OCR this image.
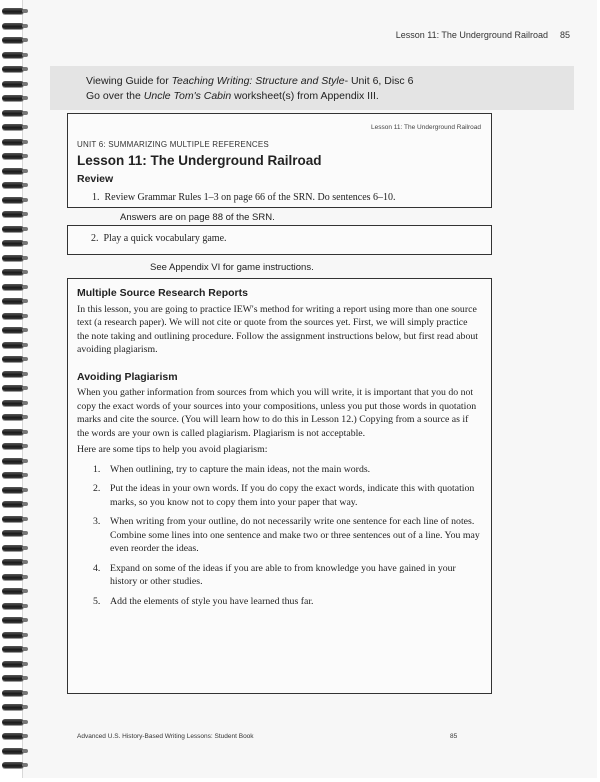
Lesson 11: The Underground Railroad 85
Viewing Guide for Teaching Writing: Structure and Style- Unit 6, Disc 6
Go over the Uncle Tom's Cabin worksheet(s) from Appendix III.
Lesson 11: The Underground Railroad
UNIT 6: SUMMARIZING MULTIPLE REFERENCES
Lesson 11: The Underground Railroad
Review
1. Review Grammar Rules 1–3 on page 66 of the SRN. Do sentences 6–10.
Answers are on page 88 of the SRN.
2. Play a quick vocabulary game.
See Appendix VI for game instructions.
Multiple Source Research Reports

In this lesson, you are going to practice IEW's method for writing a report using more than one source text (a research paper). We will not cite or quote from the sources yet. First, we will simply practice the note taking and outlining procedure. Follow the assignment instructions below, but first read about avoiding plagiarism.

Avoiding Plagiarism

When you gather information from sources from which you will write, it is important that you do not copy the exact words of your sources into your compositions, unless you put those words in quotation marks and cite the source. (You will learn how to do this in Lesson 12.) Copying from a source as if the words are your own is called plagiarism. Plagiarism is not acceptable.

Here are some tips to help you avoid plagiarism:

1. When outlining, try to capture the main ideas, not the main words.
2. Put the ideas in your own words. If you do copy the exact words, indicate this with quotation marks, so you know not to copy them into your paper that way.
3. When writing from your outline, do not necessarily write one sentence for each line of notes. Combine some lines into one sentence and make two or three sentences out of a line. You may even reorder the ideas.
4. Expand on some of the ideas if you are able to from knowledge you have gained in your history or other studies.
5. Add the elements of style you have learned thus far.
Advanced U.S. History-Based Writing Lessons: Student Book	85
